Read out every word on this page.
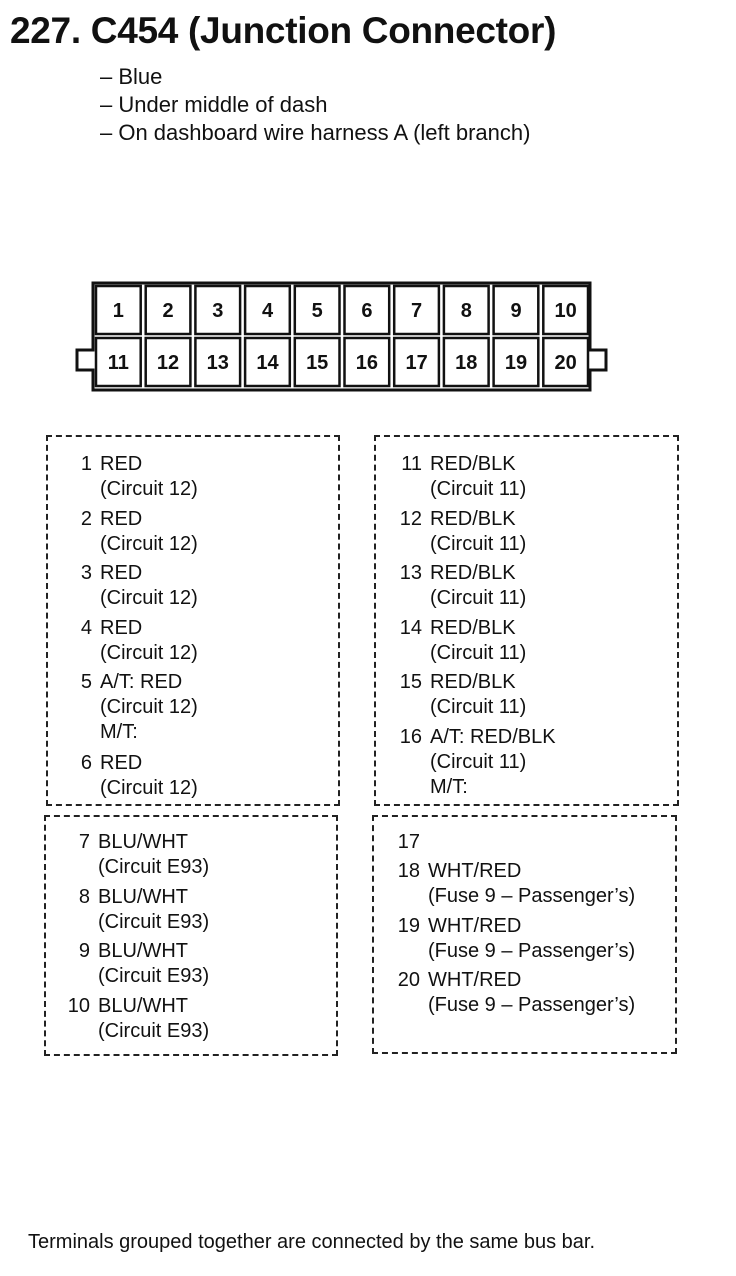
227. C454 (Junction Connector)
– Blue
– Under middle of dash
– On dashboard wire harness A (left branch)
1 2 3 4 5 6 7 8 9 10
11 12 13 14 15 16 17 18 19 20
1 RED
(Circuit 12)
2 RED
(Circuit 12)
3 RED
(Circuit 12)
4 RED
(Circuit 12)
5 A/T: RED
(Circuit 12)
M/T:
6 RED
(Circuit 12)
11 RED/BLK
(Circuit 11)
12 RED/BLK
(Circuit 11)
13 RED/BLK
(Circuit 11)
14 RED/BLK
(Circuit 11)
15 RED/BLK
(Circuit 11)
16 A/T: RED/BLK
(Circuit 11)
M/T:
7 BLU/WHT
(Circuit E93)
8 BLU/WHT
(Circuit E93)
9 BLU/WHT
(Circuit E93)
10 BLU/WHT
(Circuit E93)
17
18 WHT/RED
(Fuse 9 – Passenger’s)
19 WHT/RED
(Fuse 9 – Passenger’s)
20 WHT/RED
(Fuse 9 – Passenger’s)
Terminals grouped together are connected by the same bus bar.
